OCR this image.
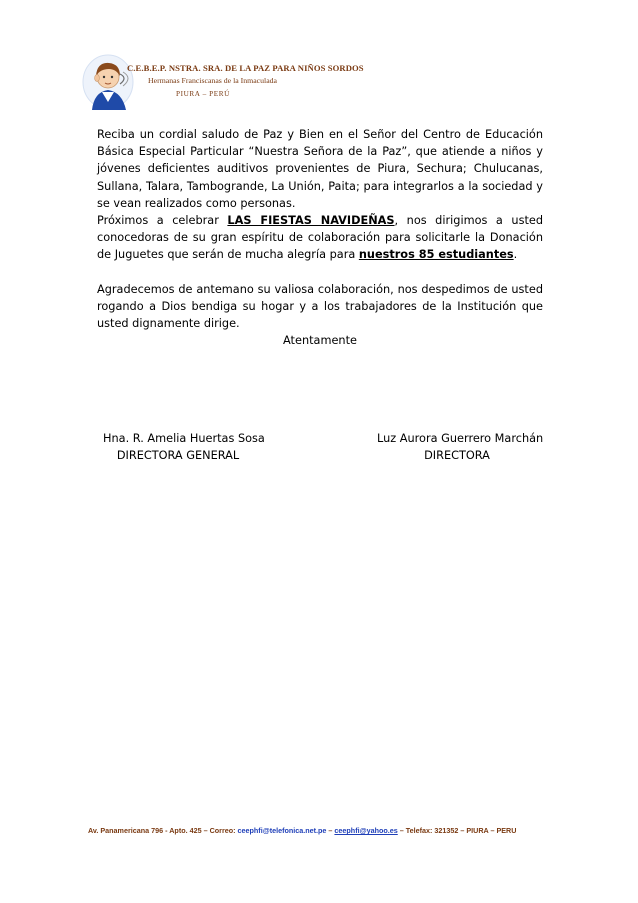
C.E.B.E.P. NSTRA. SRA. DE LA PAZ PARA NIÑOS SORDOS
Hermanas Franciscanas de la Inmaculada
PIURA – PERÚ

Reciba un cordial saludo de Paz y Bien en el Señor del Centro de Educación Básica Especial Particular “Nuestra Señora de la Paz”, que atiende a niños y jóvenes deficientes auditivos provenientes de Piura, Sechura; Chulucanas, Sullana, Talara, Tambogrande, La Unión, Paita; para integrarlos a la sociedad y se vean realizados como personas.

Próximos a celebrar LAS FIESTAS NAVIDEÑAS, nos dirigimos a usted conocedoras de su gran espíritu de colaboración para solicitarle la Donación de Juguetes que serán de mucha alegría para nuestros 85 estudiantes.

Agradecemos de antemano su valiosa colaboración, nos despedimos de usted rogando a Dios bendiga su hogar y a los trabajadores de la Institución que usted dignamente dirige.

Atentamente

Hna. R. Amelia Huertas Sosa
DIRECTORA GENERAL
Luz Aurora Guerrero Marchán
DIRECTORA
Av. Panamericana 796 - Apto. 425 – Correo: ceephfi@telefonica.net.pe – ceephfi@yahoo.es – Telefax: 321352 – PIURA – PERU
